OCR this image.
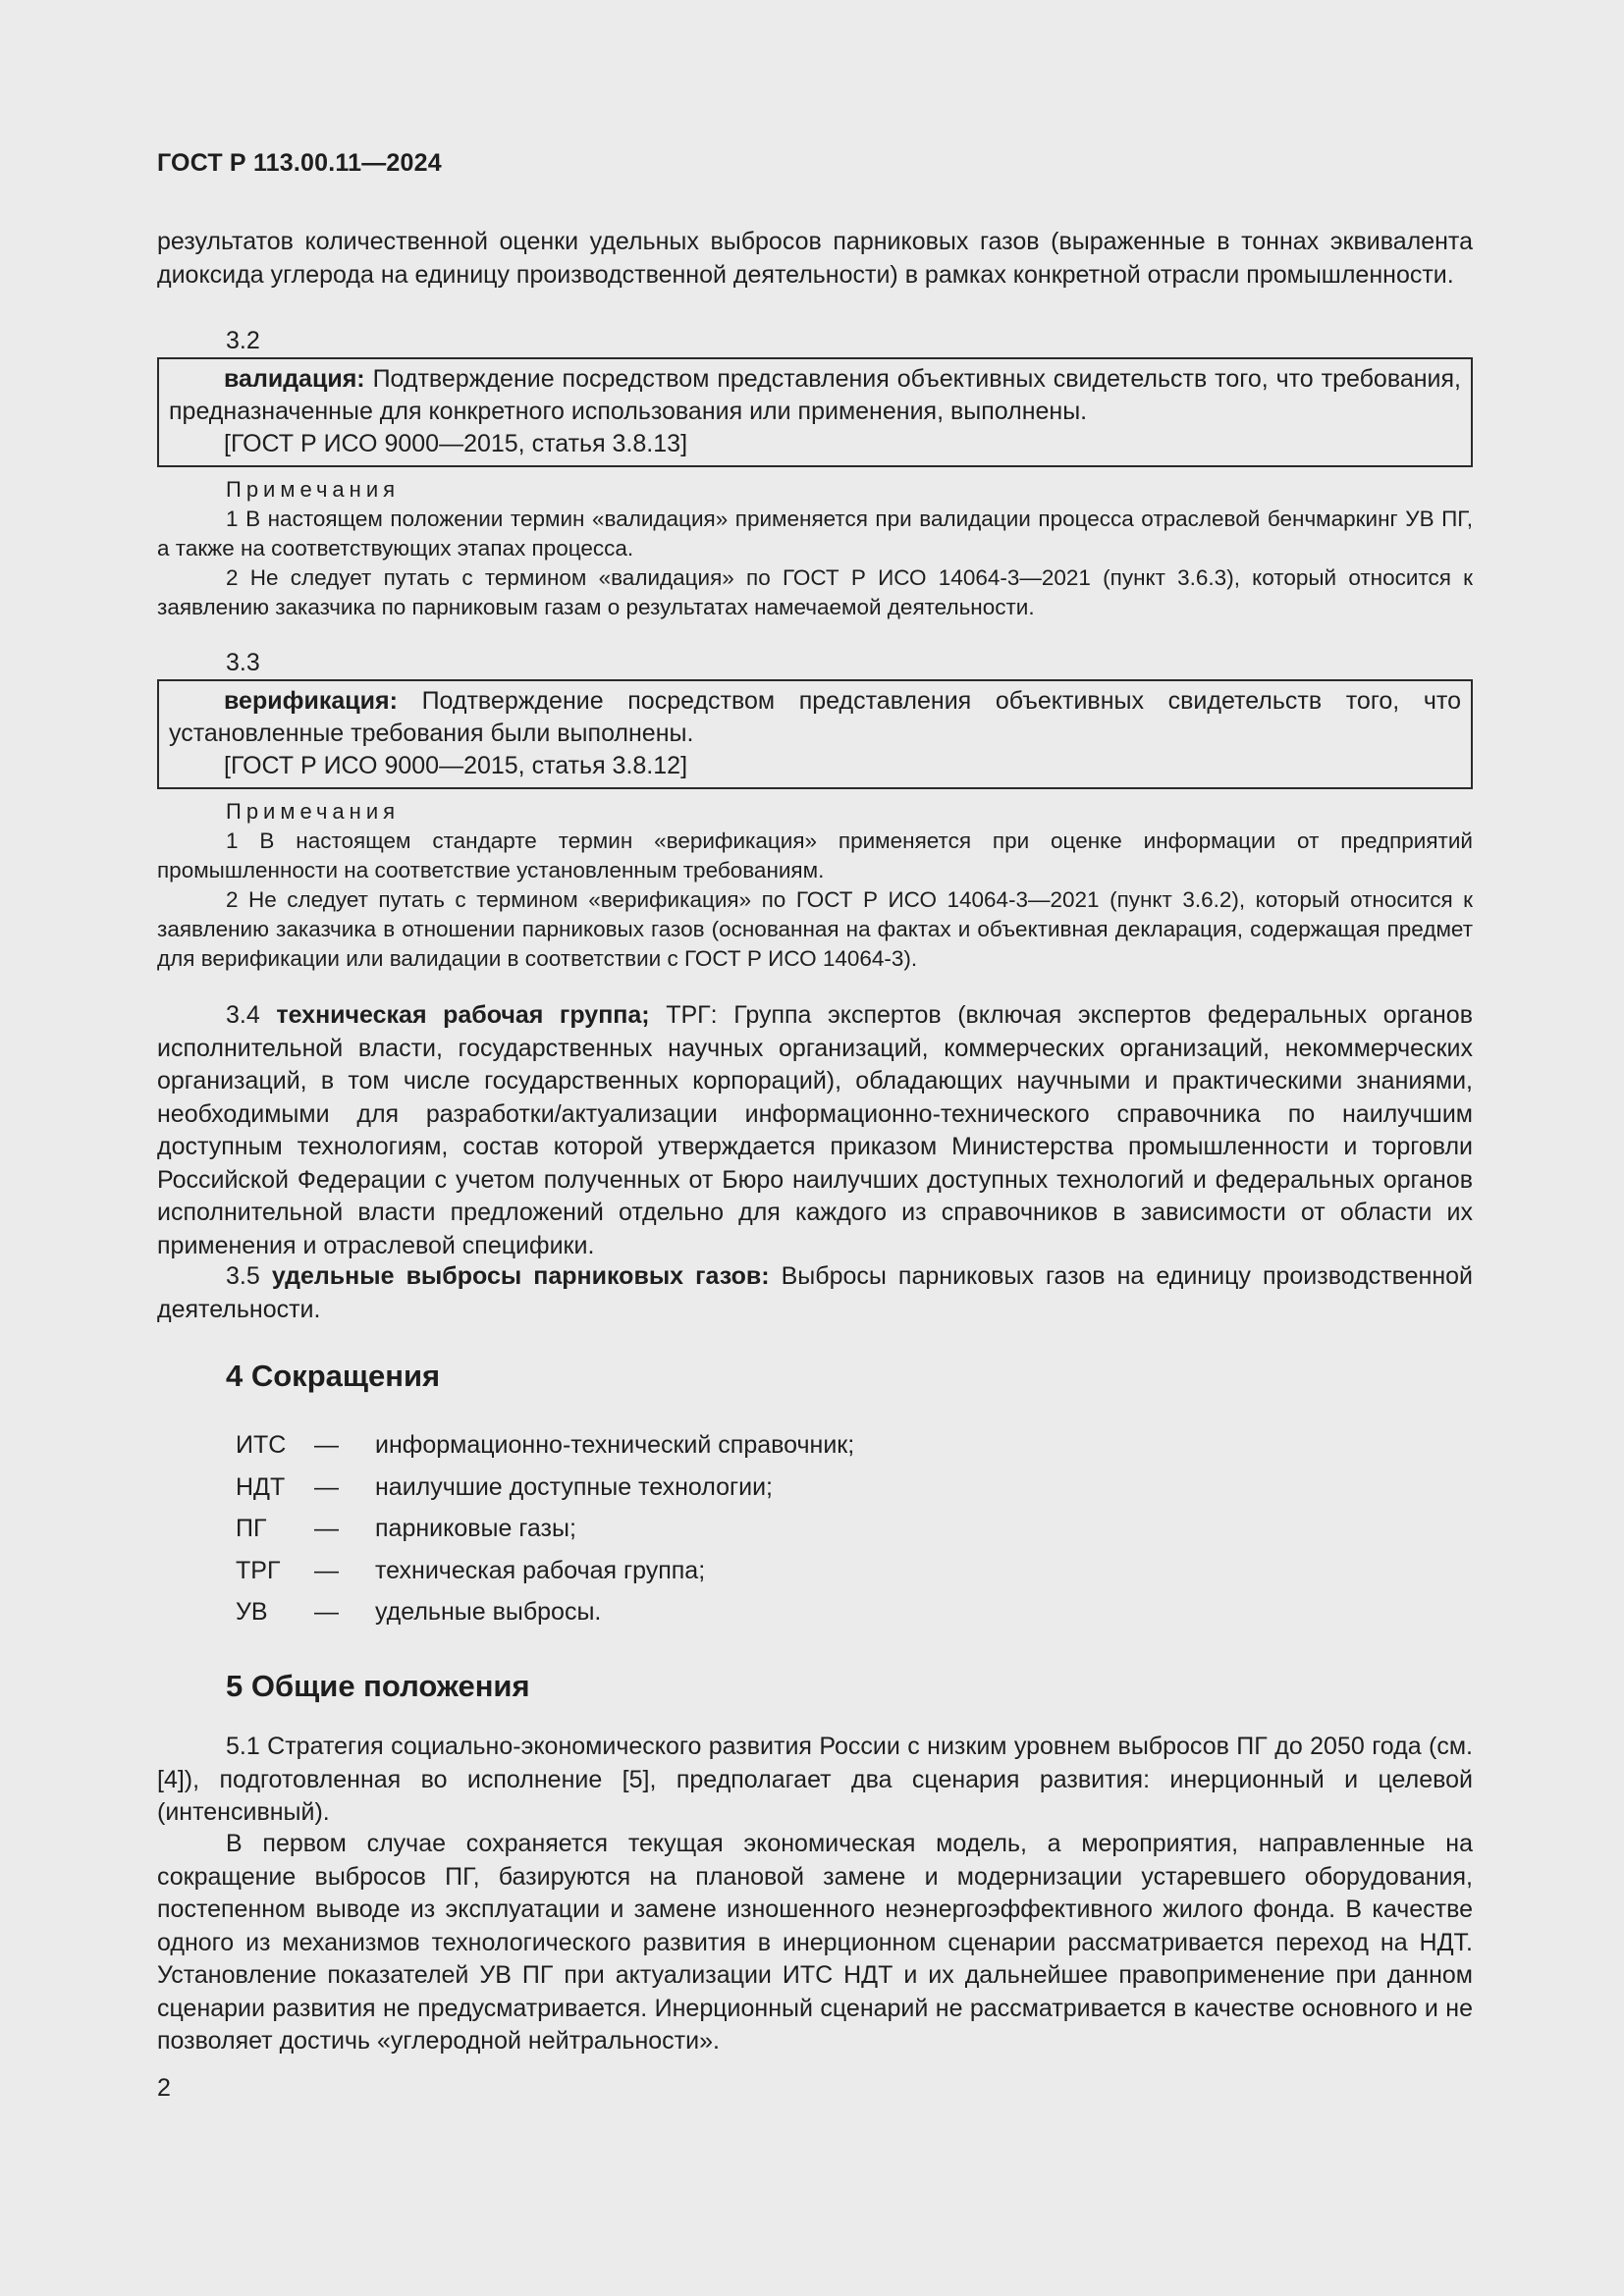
ГОСТ Р 113.00.11—2024
результатов количественной оценки удельных выбросов парниковых газов (выраженные в тоннах эквивалента диоксида углерода на единицу производственной деятельности) в рамках конкретной отрасли промышленности.
3.2
валидация: Подтверждение посредством представления объективных свидетельств того, что требования, предназначенные для конкретного использования или применения, выполнены.
[ГОСТ Р ИСО 9000—2015, статья 3.8.13]
Примечания
1 В настоящем положении термин «валидация» применяется при валидации процесса отраслевой бенчмаркинг УВ ПГ, а также на соответствующих этапах процесса.
2 Не следует путать с термином «валидация» по ГОСТ Р ИСО 14064-3—2021 (пункт 3.6.3), который относится к заявлению заказчика по парниковым газам о результатах намечаемой деятельности.
3.3
верификация: Подтверждение посредством представления объективных свидетельств того, что установленные требования были выполнены.
[ГОСТ Р ИСО 9000—2015, статья 3.8.12]
Примечания
1 В настоящем стандарте термин «верификация» применяется при оценке информации от предприятий промышленности на соответствие установленным требованиям.
2 Не следует путать с термином «верификация» по ГОСТ Р ИСО 14064-3—2021 (пункт 3.6.2), который относится к заявлению заказчика в отношении парниковых газов (основанная на фактах и объективная декларация, содержащая предмет для верификации или валидации в соответствии с ГОСТ Р ИСО 14064-3).
3.4 техническая рабочая группа; ТРГ: Группа экспертов (включая экспертов федеральных органов исполнительной власти, государственных научных организаций, коммерческих организаций, некоммерческих организаций, в том числе государственных корпораций), обладающих научными и практическими знаниями, необходимыми для разработки/актуализации информационно-технического справочника по наилучшим доступным технологиям, состав которой утверждается приказом Министерства промышленности и торговли Российской Федерации с учетом полученных от Бюро наилучших доступных технологий и федеральных органов исполнительной власти предложений отдельно для каждого из справочников в зависимости от области их применения и отраслевой специфики.
3.5 удельные выбросы парниковых газов: Выбросы парниковых газов на единицу производственной деятельности.
4 Сокращения
ИТС	—	информационно-технический справочник;
НДТ	—	наилучшие доступные технологии;
ПГ	—	парниковые газы;
ТРГ	—	техническая рабочая группа;
УВ	—	удельные выбросы.
5 Общие положения
5.1 Стратегия социально-экономического развития России с низким уровнем выбросов ПГ до 2050 года (см. [4]), подготовленная во исполнение [5], предполагает два сценария развития: инерционный и целевой (интенсивный).
В первом случае сохраняется текущая экономическая модель, а мероприятия, направленные на сокращение выбросов ПГ, базируются на плановой замене и модернизации устаревшего оборудования, постепенном выводе из эксплуатации и замене изношенного неэнергоэффективного жилого фонда. В качестве одного из механизмов технологического развития в инерционном сценарии рассматривается переход на НДТ. Установление показателей УВ ПГ при актуализации ИТС НДТ и их дальнейшее правоприменение при данном сценарии развития не предусматривается. Инерционный сценарий не рассматривается в качестве основного и не позволяет достичь «углеродной нейтральности».
2
